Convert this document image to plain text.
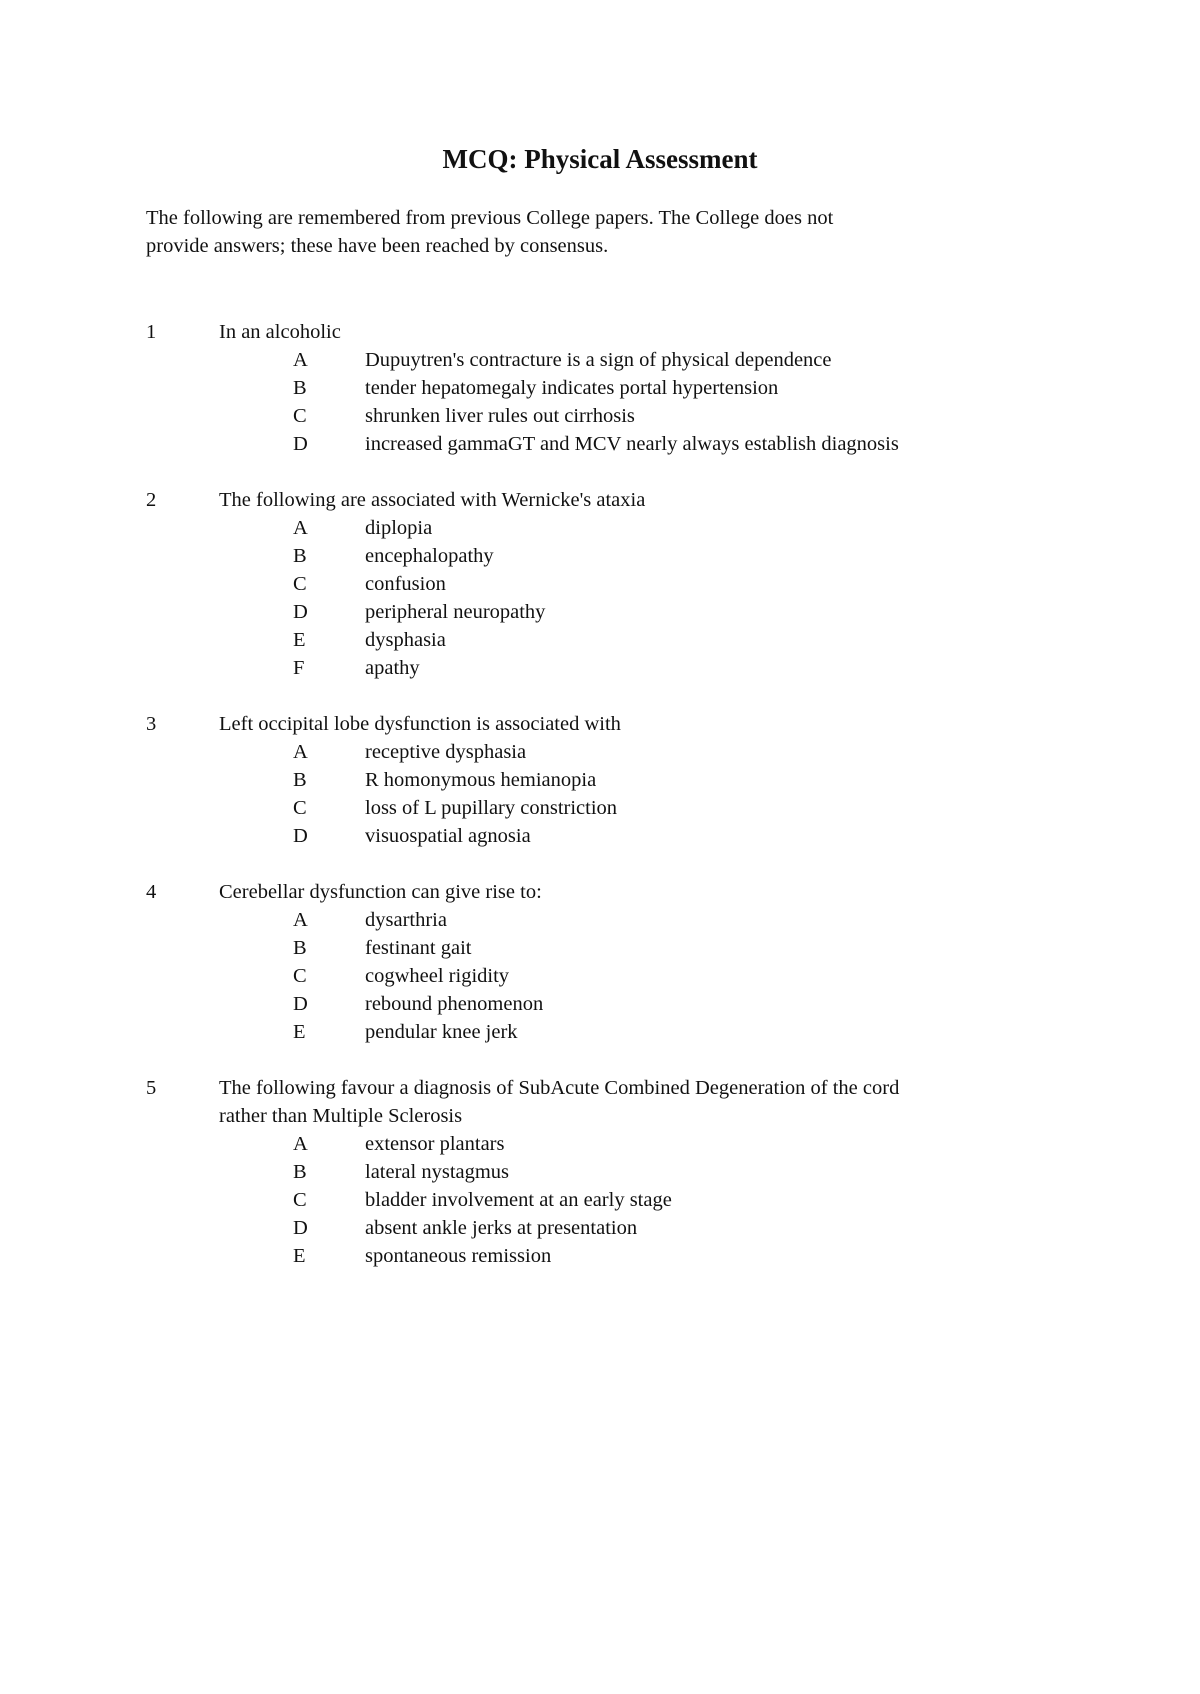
MCQ: Physical Assessment
The following are remembered from previous College papers. The College does not
provide answers; these have been reached by consensus.
1	In an alcoholic
A	Dupuytren's contracture is a sign of physical dependence
B	tender hepatomegaly indicates portal hypertension
C	shrunken liver rules out cirrhosis
D	increased gammaGT and MCV nearly always establish diagnosis
2	The following are associated with Wernicke's ataxia
A	diplopia
B	encephalopathy
C	confusion
D	peripheral neuropathy
E	dysphasia
F	apathy
3	Left occipital lobe dysfunction is associated with
A	receptive dysphasia
B	R homonymous hemianopia
C	loss of L pupillary constriction
D	visuospatial agnosia
4	Cerebellar dysfunction can give rise to:
A	dysarthria
B	festinant gait
C	cogwheel rigidity
D	rebound phenomenon
E	pendular knee jerk
5	The following favour a diagnosis of SubAcute Combined Degeneration of the cord
rather than Multiple Sclerosis
A	extensor plantars
B	lateral nystagmus
C	bladder involvement at an early stage
D	absent ankle jerks at presentation
E	spontaneous remission
